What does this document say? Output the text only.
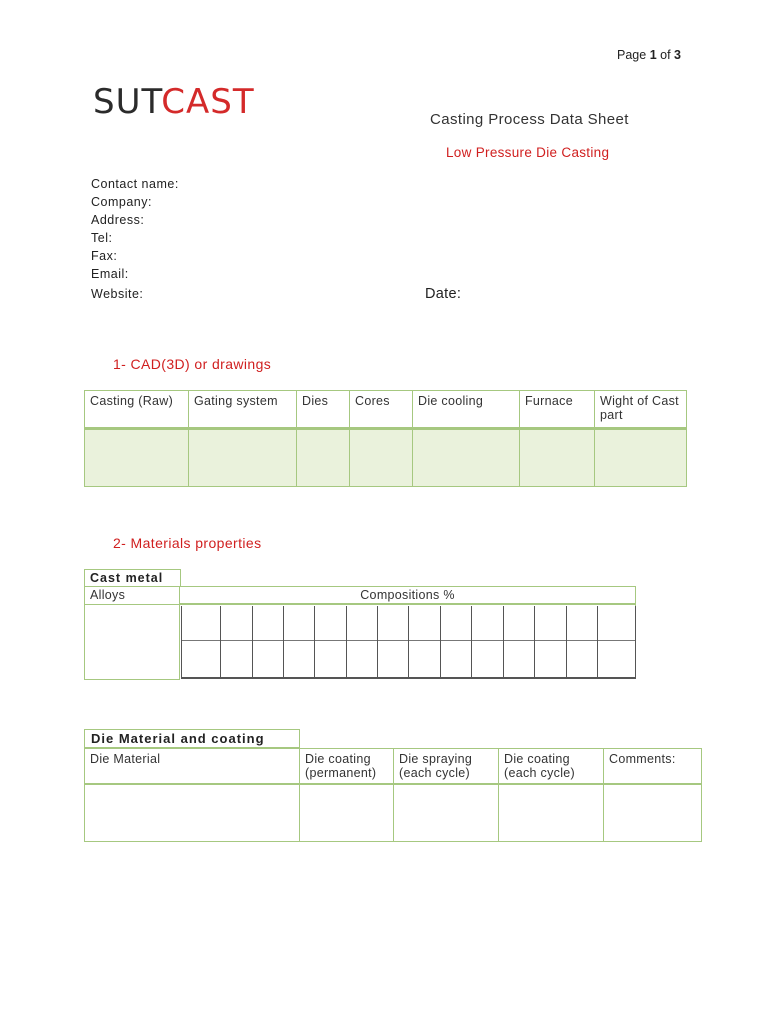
Page 1 of 3
SUTCAST	Casting Process Data Sheet
Low Pressure Die Casting
Contact name:
Company:
Address:
Tel:
Fax:
Email:
Website:	Date:
1- CAD(3D) or drawings
Casting (Raw)	Gating system	Dies	Cores	Die cooling	Furnace	Wight of Cast part

2- Materials properties
Cast metal
Alloys	Compositions %

Die Material and coating
Die Material	Die coating (permanent)	Die spraying (each cycle)	Die coating (each cycle)	Comments:
